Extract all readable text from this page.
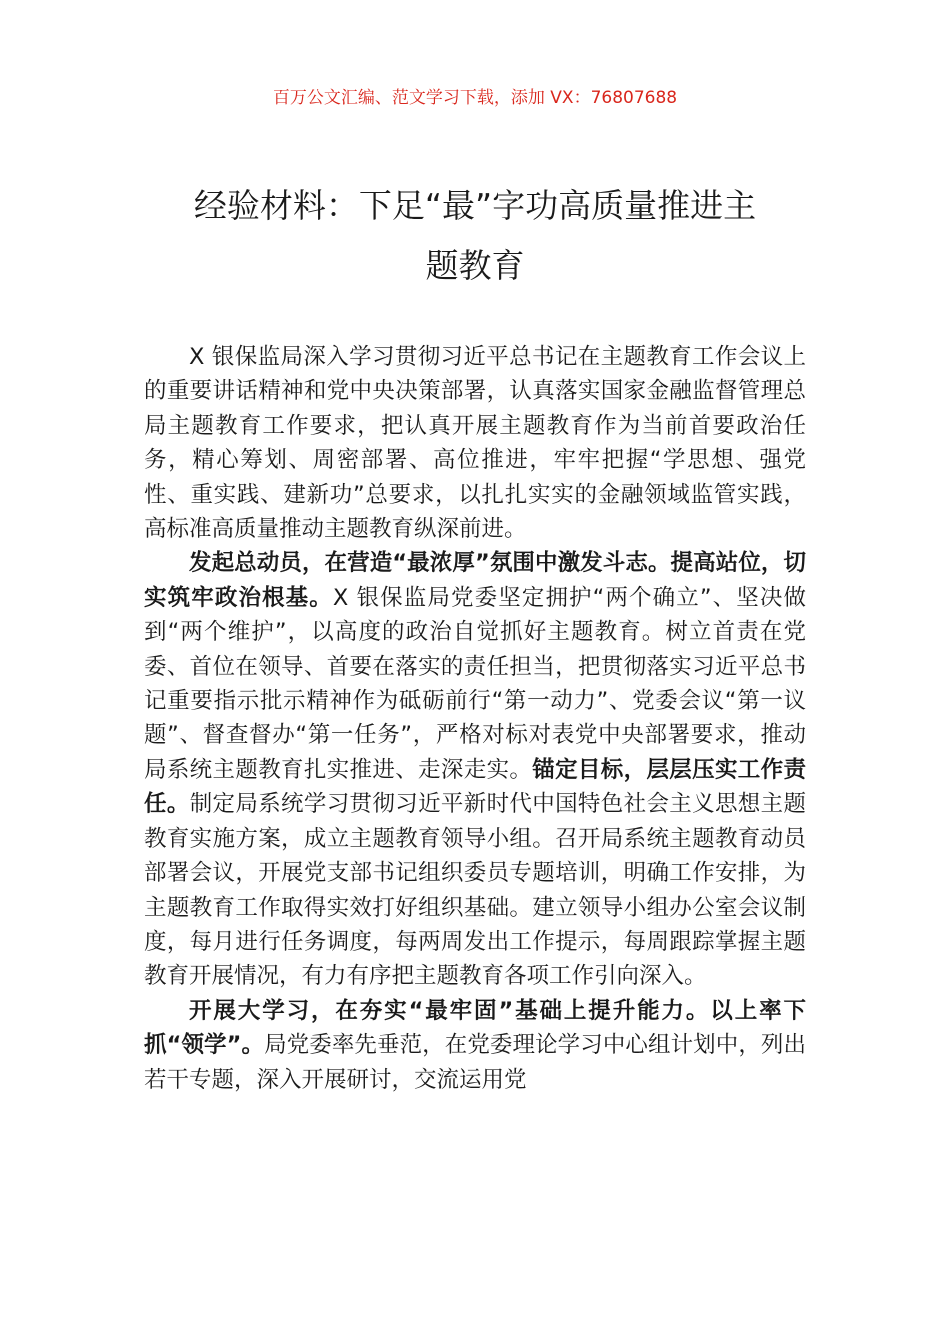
百万公文汇编、范文学习下载，添加 VX：76807688
经验材料：下足“最”字功高质量推进主
题教育

X 银保监局深入学习贯彻习近平总书记在主题教育工作会议上的重要讲话精神和党中央决策部署，认真落实国家金融监督管理总局主题教育工作要求，把认真开展主题教育作为当前首要政治任务，精心筹划、周密部署、高位推进，牢牢把握“学思想、强党性、重实践、建新功”总要求，以扎扎实实的金融领域监管实践，高标准高质量推动主题教育纵深前进。

发起总动员，在营造“最浓厚”氛围中激发斗志。提高站位，切实筑牢政治根基。X 银保监局党委坚定拥护“两个确立”、坚决做到“两个维护”，以高度的政治自觉抓好主题教育。树立首责在党委、首位在领导、首要在落实的责任担当，把贯彻落实习近平总书记重要指示批示精神作为砥砺前行“第一动力”、党委会议“第一议题”、督查督办“第一任务”，严格对标对表党中央部署要求，推动局系统主题教育扎实推进、走深走实。锚定目标，层层压实工作责任。制定局系统学习贯彻习近平新时代中国特色社会主义思想主题教育实施方案，成立主题教育领导小组。召开局系统主题教育动员部署会议，开展党支部书记组织委员专题培训，明确工作安排，为主题教育工作取得实效打好组织基础。建立领导小组办公室会议制度，每月进行任务调度，每两周发出工作提示，每周跟踪掌握主题教育开展情况，有力有序把主题教育各项工作引向深入。

开展大学习，在夯实“最牢固”基础上提升能力。以上率下抓“领学”。局党委率先垂范，在党委理论学习中心组计划中，列出若干专题，深入开展研讨，交流运用党
